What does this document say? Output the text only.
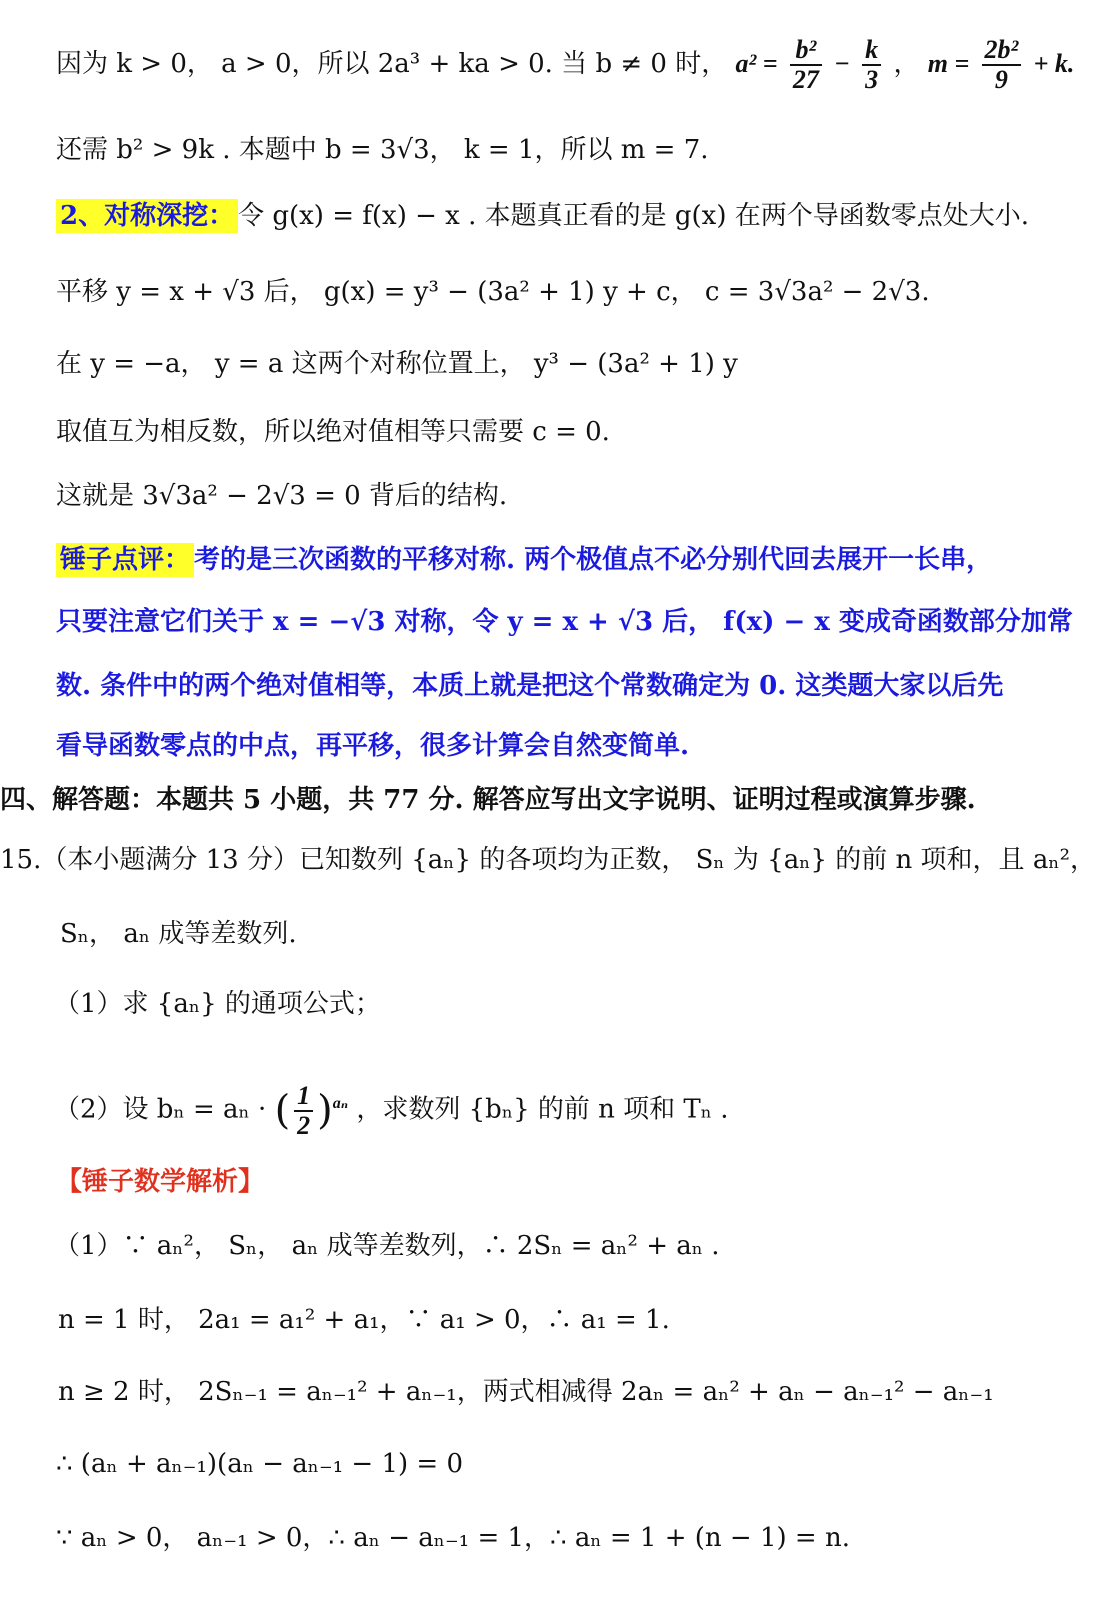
因为 k > 0， a > 0，所以 2a³ + ka > 0. 当 b ≠ 0 时， $a^2 = \frac{\text{b²}}{27} - \frac{k}{3}$ ， $m = \frac{\text{2b²}}{9} + k$.
还需 b² > 9k . 本题中 b = 3√3， k = 1，所以 m = 7.
2、对称深挖： 令 g(x) = f(x) − x . 本题真正看的是 g(x) 在两个导函数零点处大小.
平移 y = x + √3 后， g(x) = y³ − (3a² + 1) y + c， c = 3√3a² − 2√3.
在 y = −a， y = a 这两个对称位置上， y³ − (3a² + 1) y
取值互为相反数，所以绝对值相等只需要 c = 0.
这就是 3√3a² − 2√3 = 0 背后的结构.
锤子点评： 考的是三次函数的平移对称. 两个极值点不必分别代回去展开一长串，
只要注意它们关于 x = −√3 对称，令 y = x + √3 后， f(x) − x 变成奇函数部分加常
数. 条件中的两个绝对值相等，本质上就是把这个常数确定为 0. 这类题大家以后先
看导函数零点的中点，再平移，很多计算会自然变简单.
四、解答题：本题共 5 小题，共 77 分. 解答应写出文字说明、证明过程或演算步骤.
15.（本小题满分 13 分）已知数列 {aₙ} 的各项均为正数， Sₙ 为 {aₙ} 的前 n 项和，且 aₙ²，
Sₙ， aₙ 成等差数列.
（1）求 {aₙ} 的通项公式；
（2）设 bₙ = aₙ · ( $\frac{1}{2} )^{a_n}$ ，求数列 {bₙ} 的前 n 项和 Tₙ .
【锤子数学解析】
（1）∵ aₙ²， Sₙ， aₙ 成等差数列，∴ 2Sₙ = aₙ² + aₙ .
n = 1 时， 2a₁ = a₁² + a₁，∵ a₁ > 0，∴ a₁ = 1.
n ≥ 2 时， 2Sₙ₋₁ = aₙ₋₁² + aₙ₋₁，两式相减得 2aₙ = aₙ² + aₙ − aₙ₋₁² − aₙ₋₁
∴ (aₙ + aₙ₋₁)(aₙ − aₙ₋₁ − 1) = 0
∵ aₙ > 0， aₙ₋₁ > 0，∴ aₙ − aₙ₋₁ = 1，∴ aₙ = 1 + (n − 1) = n.
